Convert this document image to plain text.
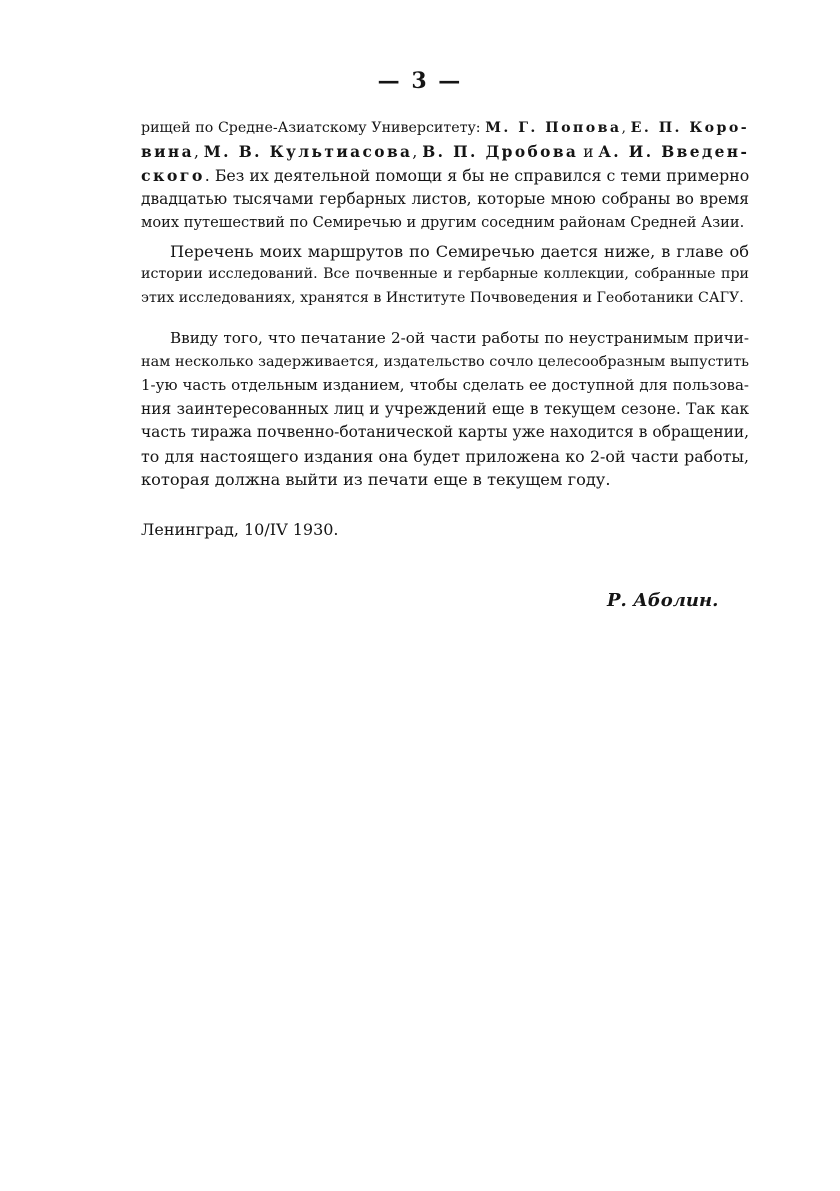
— 3 —
рищей по Средне-Азиатскому Университету: М. Г. Попова, Е. П. Коро-
вина, М. В. Культиасова, В. П. Дробова и А. И. Введен-
ского. Без их деятельной помощи я бы не справился с теми примерно
двадцатью тысячами гербарных листов, которые мною собраны во время
моих путешествий по Семиречью и другим соседним районам Средней Азии.
Перечень моих маршрутов по Семиречью дается ниже, в главе об
истории исследований. Все почвенные и гербарные коллекции, собранные при
этих исследованиях, хранятся в Институте Почвоведения и Геоботаники САГУ.
Ввиду того, что печатание 2-ой части работы по неустранимым причи-
нам несколько задерживается, издательство сочло целесообразным выпустить
1-ую часть отдельным изданием, чтобы сделать ее доступной для пользова-
ния заинтересованных лиц и учреждений еще в текущем сезоне. Так как
часть тиража почвенно-ботанической карты уже находится в обращении,
то для настоящего издания она будет приложена ко 2-ой части работы,
которая должна выйти из печати еще в текущем году.
Ленинград, 10/IV 1930.
Р. Аболин.
